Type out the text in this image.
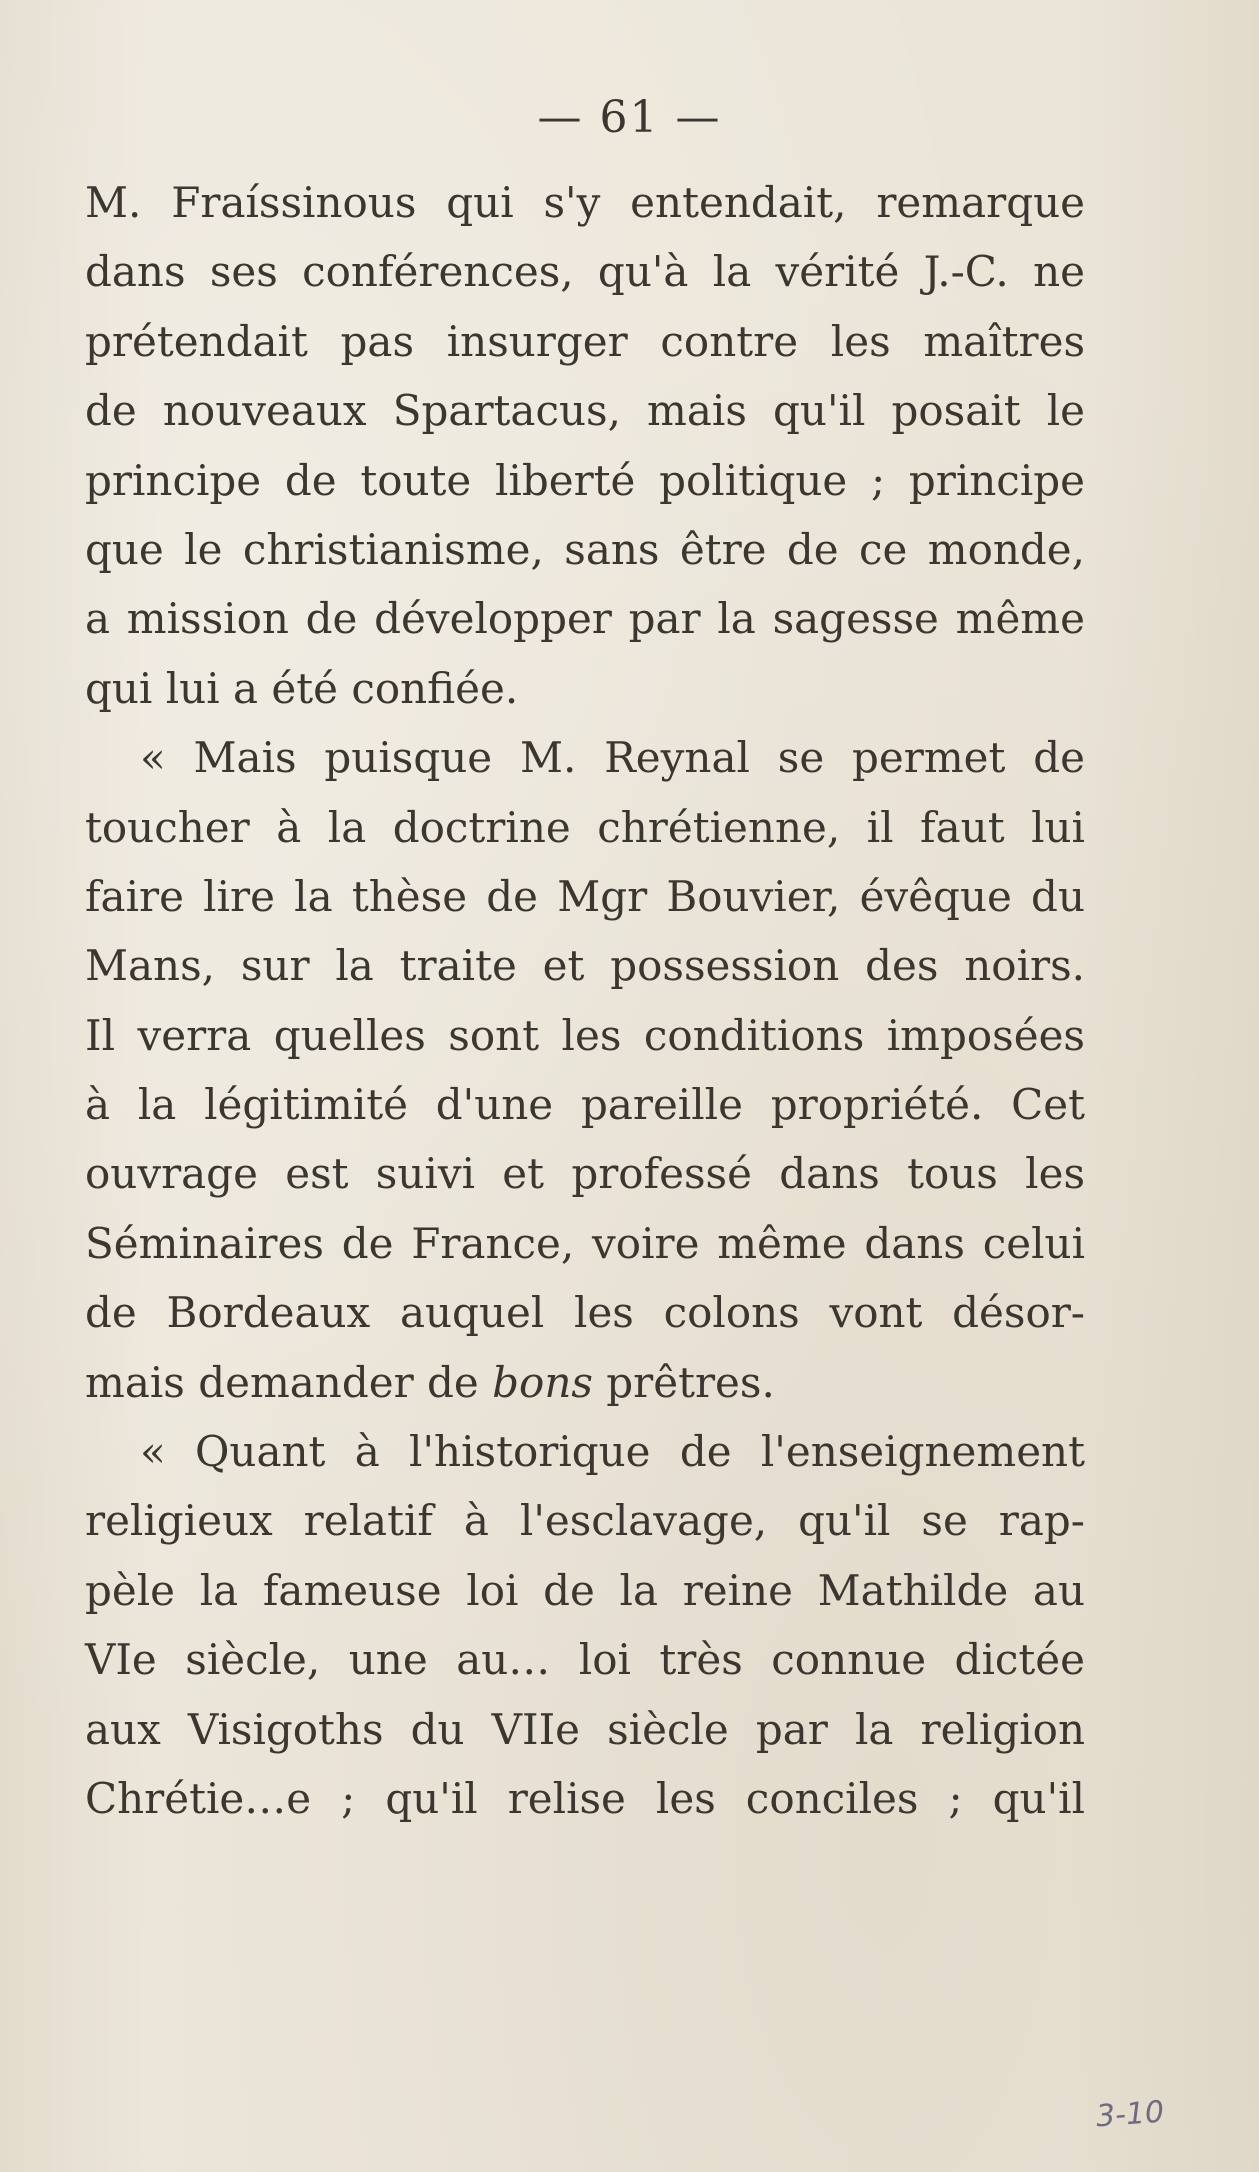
— 61 —
M. Fraíssinous qui s'y entendait, remarque
dans ses conférences, qu'à la vérité J.-C. ne
prétendait pas insurger contre les maîtres
de nouveaux Spartacus, mais qu'il posait le
principe de toute liberté politique ; principe
que le christianisme, sans être de ce monde,
a mission de développer par la sagesse même
qui lui a été confiée.
« Mais puisque M. Reynal se permet de
toucher à la doctrine chrétienne, il faut lui
faire lire la thèse de Mgr Bouvier, évêque du
Mans, sur la traite et possession des noirs.
Il verra quelles sont les conditions imposées
à la légitimité d'une pareille propriété. Cet
ouvrage est suivi et professé dans tous les
Séminaires de France, voire même dans celui
de Bordeaux auquel les colons vont désor-
mais demander de bons prêtres.
« Quant à l'historique de l'enseignement
religieux relatif à l'esclavage, qu'il se rap-
pèle la fameuse loi de la reine Mathilde au
VIe siècle, une au… loi très connue dictée
aux Visigoths du VIIe siècle par la religion
Chrétie…e ; qu'il relise les conciles ; qu'il
3-10
